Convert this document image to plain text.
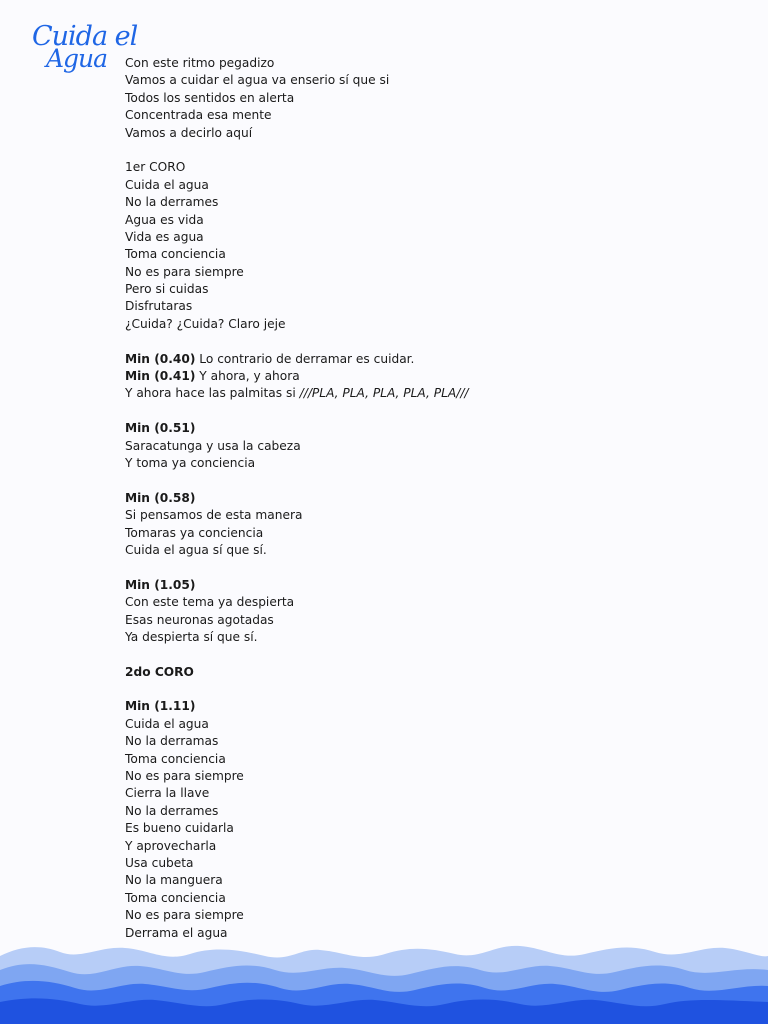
Cuida el
Agua Con este ritmo pegadizo
Vamos a cuidar el agua va enserio sí que si
Todos los sentidos en alerta
Concentrada esa mente
Vamos a decirlo aquí
1er CORO
Cuida el agua
No la derrames
Agua es vida
Vida es agua
Toma conciencia
No es para siempre
Pero si cuidas
Disfrutaras
¿Cuida? ¿Cuida? Claro jeje
Min (0.40) Lo contrario de derramar es cuidar.
Min (0.41) Y ahora, y ahora
Y ahora hace las palmitas si ///PLA, PLA, PLA, PLA, PLA///
Min (0.51)
Saracatunga y usa la cabeza
Y toma ya conciencia
Min (0.58)
Si pensamos de esta manera
Tomaras ya conciencia
Cuida el agua sí que sí.
Min (1.05)
Con este tema ya despierta
Esas neuronas agotadas
Ya despierta sí que sí.
2do CORO
Min (1.11)
Cuida el agua
No la derramas
Toma conciencia
No es para siempre
Cierra la llave
No la derrames
Es bueno cuidarla
Y aprovecharla
Usa cubeta
No la manguera
Toma conciencia
No es para siempre
Derrama el agua
